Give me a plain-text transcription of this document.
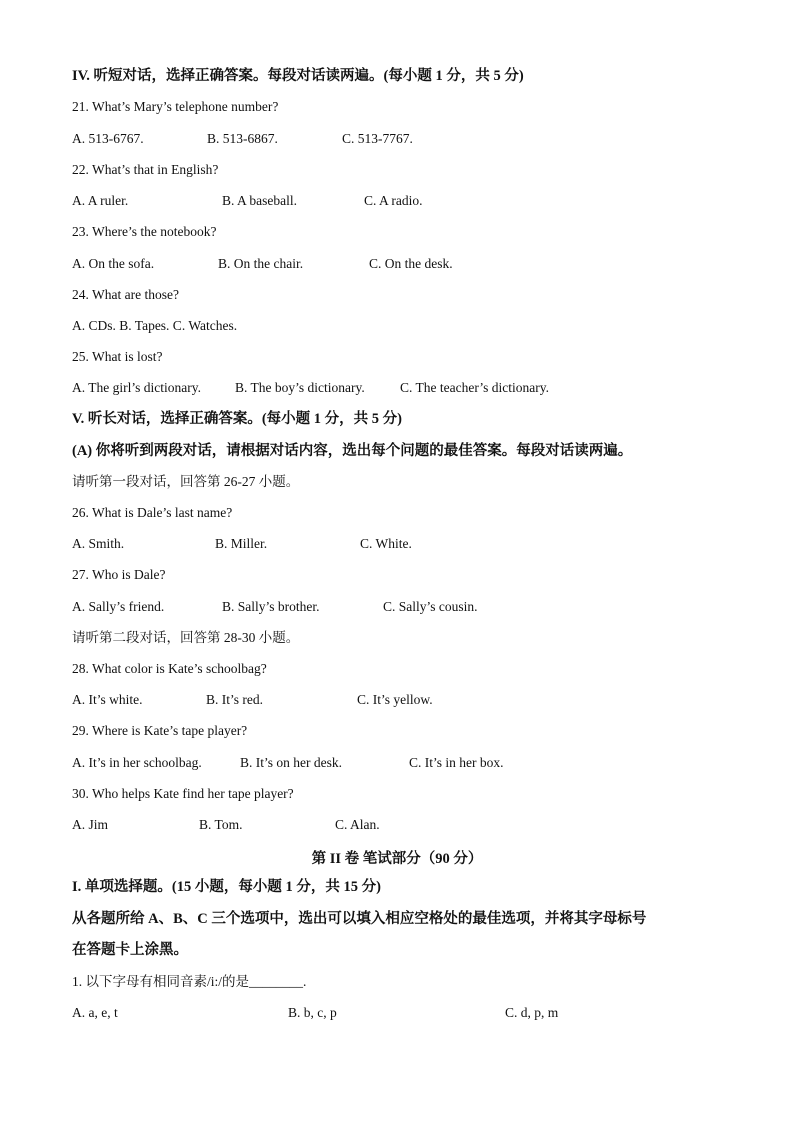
IV. 听短对话，选择正确答案。每段对话读两遍。(每小题 1 分，共 5 分)
21. What’s Mary’s telephone number?
A. 513-6767.	B. 513-6867.	C. 513-7767.
22. What’s that in English?
A. A ruler.	B. A baseball.	C. A radio.
23. Where’s the notebook?
A. On the sofa.	B. On the chair.	C. On the desk.
24. What are those?
A. CDs. B. Tapes. C. Watches.
25. What is lost?
A. The girl’s dictionary.	B. The boy’s dictionary.	C. The teacher’s dictionary.
V. 听长对话，选择正确答案。(每小题 1 分，共 5 分)
(A) 你将听到两段对话，请根据对话内容，选出每个问题的最佳答案。每段对话读两遍。
请听第一段对话，回答第 26-27 小题。
26. What is Dale’s last name?
A. Smith.	B. Miller.	C. White.
27. Who is Dale?
A. Sally’s friend.	B. Sally’s brother.	C. Sally’s cousin.
请听第二段对话，回答第 28-30 小题。
28. What color is Kate’s schoolbag?
A. It’s white.	B. It’s red.	C. It’s yellow.
29. Where is Kate’s tape player?
A. It’s in her schoolbag.	B. It’s on her desk.	C. It’s in her box.
30. Who helps Kate find her tape player?
A. Jim	B. Tom.	C. Alan.
第 II 卷 笔试部分（90 分）
I. 单项选择题。(15 小题，每小题 1 分，共 15 分)
从各题所给 A、B、C 三个选项中，选出可以填入相应空格处的最佳选项，并将其字母标号
在答题卡上涂黑。
1. 以下字母有相同音素/i:/的是________.
A. a, e, t	B. b, c, p	C. d, p, m
